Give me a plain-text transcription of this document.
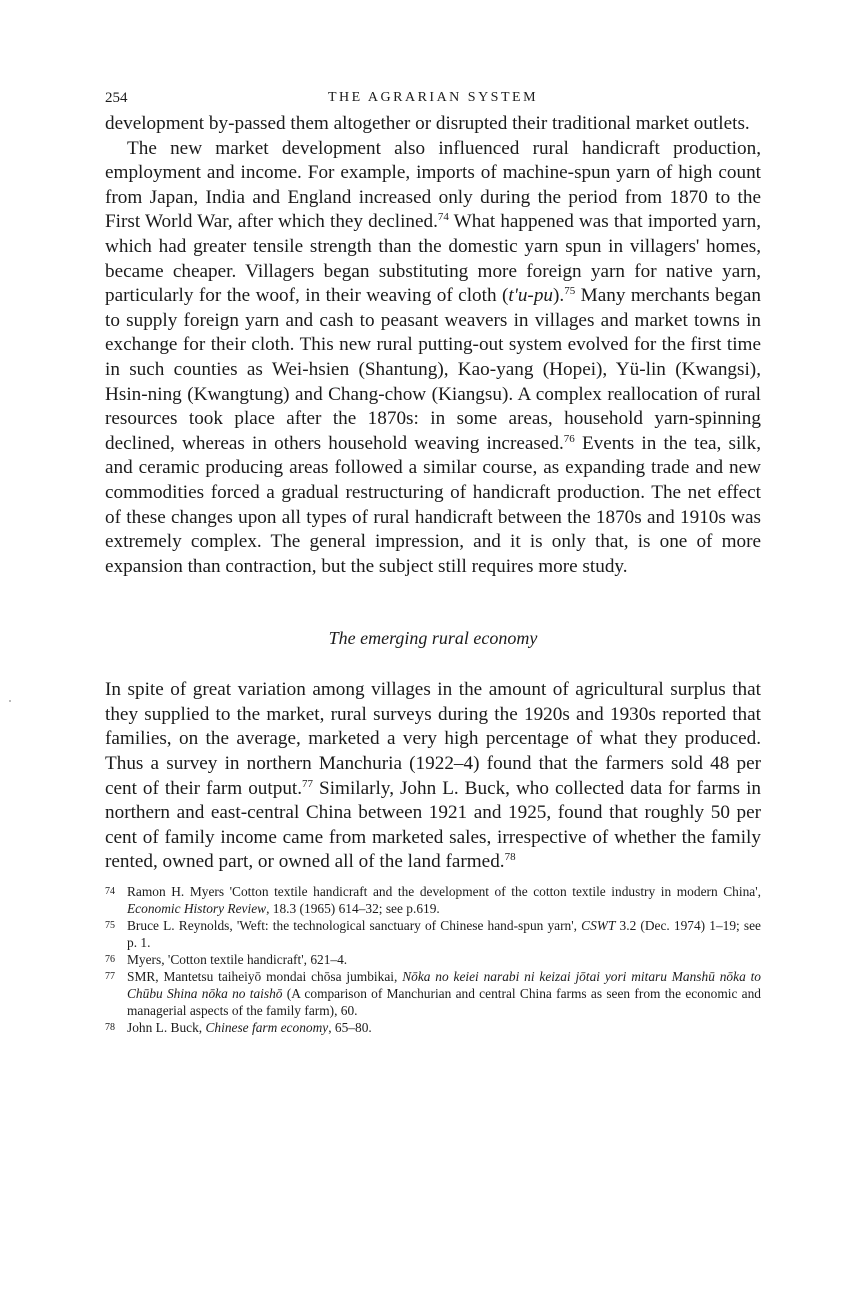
254	THE AGRARIAN SYSTEM

development by-passed them altogether or disrupted their traditional market outlets.

The new market development also influenced rural handicraft production, employment and income. For example, imports of machine-spun yarn of high count from Japan, India and England increased only during the period from 1870 to the First World War, after which they declined.$^{74}$ What happened was that imported yarn, which had greater tensile strength than the domestic yarn spun in villagers' homes, became cheaper. Villagers began substituting more foreign yarn for native yarn, particularly for the woof, in their weaving of cloth (t'u-pu).$^{75}$ Many merchants began to supply foreign yarn and cash to peasant weavers in villages and market towns in exchange for their cloth. This new rural putting-out system evolved for the first time in such counties as Wei-hsien (Shantung), Kao-yang (Hopei), Yü-lin (Kwangsi), Hsin-ning (Kwangtung) and Chang-chow (Kiangsu). A complex reallocation of rural resources took place after the 1870s: in some areas, household yarn-spinning declined, whereas in others household weaving increased.$^{76}$ Events in the tea, silk, and ceramic producing areas followed a similar course, as expanding trade and new commodities forced a gradual restructuring of handicraft production. The net effect of these changes upon all types of rural handicraft between the 1870s and 1910s was extremely complex. The general impression, and it is only that, is one of more expansion than contraction, but the subject still requires more study.

The emerging rural economy

In spite of great variation among villages in the amount of agricultural surplus that they supplied to the market, rural surveys during the 1920s and 1930s reported that families, on the average, marketed a very high percentage of what they produced. Thus a survey in northern Manchuria (1922–4) found that the farmers sold 48 per cent of their farm output.$^{77}$ Similarly, John L. Buck, who collected data for farms in northern and east-central China between 1921 and 1925, found that roughly 50 per cent of family income came from marketed sales, irrespective of whether the family rented, owned part, or owned all of the land farmed.$^{78}$

74 Ramon H. Myers 'Cotton textile handicraft and the development of the cotton textile industry in modern China', Economic History Review, 18.3 (1965) 614–32; see p.619.
75 Bruce L. Reynolds, 'Weft: the technological sanctuary of Chinese hand-spun yarn', CSWT 3.2 (Dec. 1974) 1–19; see p. 1.
76 Myers, 'Cotton textile handicraft', 621–4.
77 SMR, Mantetsu taiheiyō mondai chōsa jumbikai, Nōka no keiei narabi ni keizai jōtai yori mitaru Manshū nōka to Chūbu Shina nōka no taishō (A comparison of Manchurian and central China farms as seen from the economic and managerial aspects of the family farm), 60.
78 John L. Buck, Chinese farm economy, 65–80.
